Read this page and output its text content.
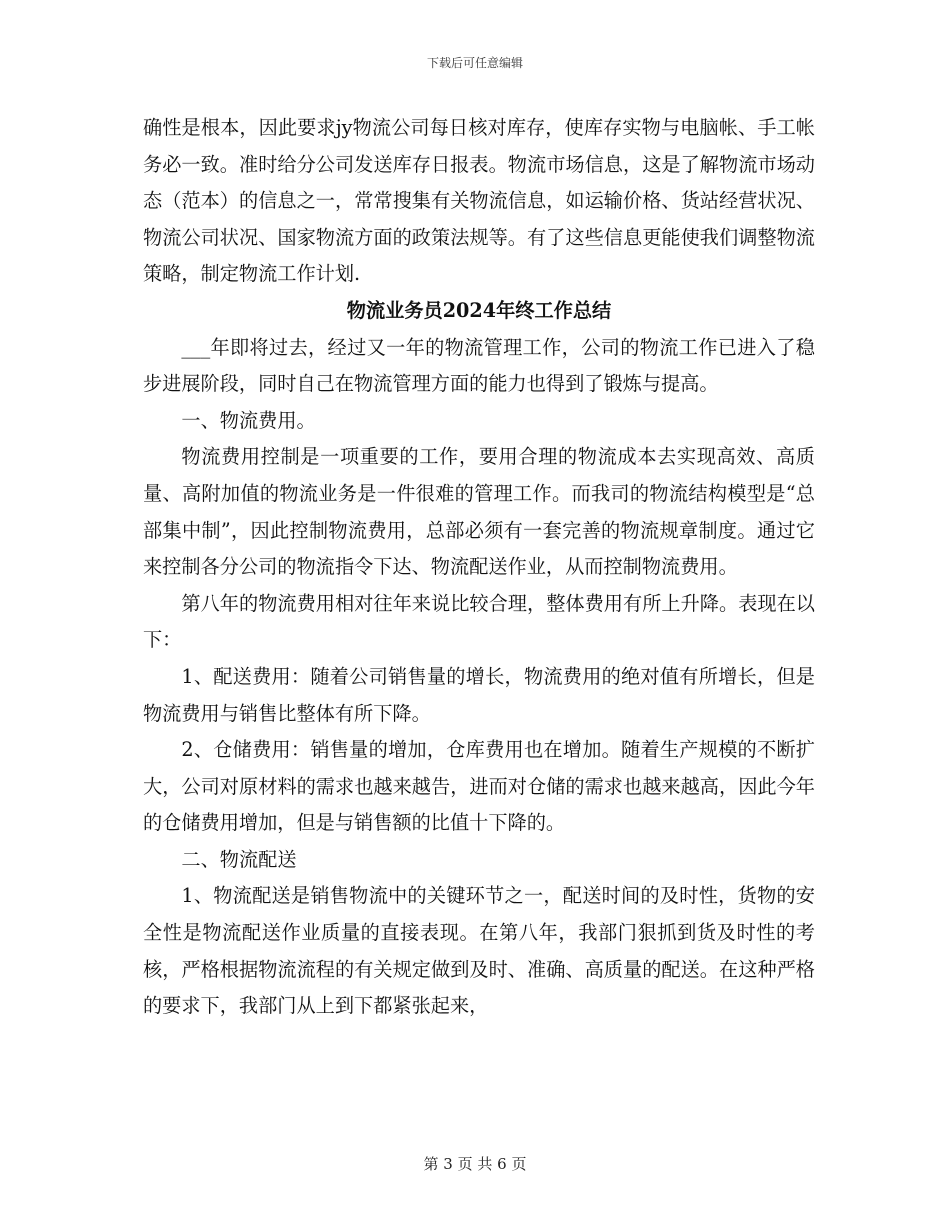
下载后可任意编辑

确性是根本，因此要求jy物流公司每日核对库存，使库存实物与电脑帐、手工帐务必一致。准时给分公司发送库存日报表。物流市场信息，这是了解物流市场动态（范本）的信息之一，常常搜集有关物流信息，如运输价格、货站经营状况、物流公司状况、国家物流方面的政策法规等。有了这些信息更能使我们调整物流策略，制定物流工作计划.

物流业务员2024年终工作总结

___年即将过去，经过又一年的物流管理工作，公司的物流工作已进入了稳步进展阶段，同时自己在物流管理方面的能力也得到了锻炼与提高。

一、物流费用。

物流费用控制是一项重要的工作，要用合理的物流成本去实现高效、高质量、高附加值的物流业务是一件很难的管理工作。而我司的物流结构模型是“总部集中制”，因此控制物流费用，总部必须有一套完善的物流规章制度。通过它来控制各分公司的物流指令下达、物流配送作业，从而控制物流费用。

第八年的物流费用相对往年来说比较合理，整体费用有所上升降。表现在以下：

1、配送费用：随着公司销售量的增长，物流费用的绝对值有所增长，但是物流费用与销售比整体有所下降。

2、仓储费用：销售量的增加，仓库费用也在增加。随着生产规模的不断扩大，公司对原材料的需求也越来越告，进而对仓储的需求也越来越高，因此今年的仓储费用增加，但是与销售额的比值十下降的。

二、物流配送

1、物流配送是销售物流中的关键环节之一，配送时间的及时性，货物的安全性是物流配送作业质量的直接表现。在第八年，我部门狠抓到货及时性的考核，严格根据物流流程的有关规定做到及时、准确、高质量的配送。在这种严格的要求下，我部门从上到下都紧张起来，

第 3 页 共 6 页
